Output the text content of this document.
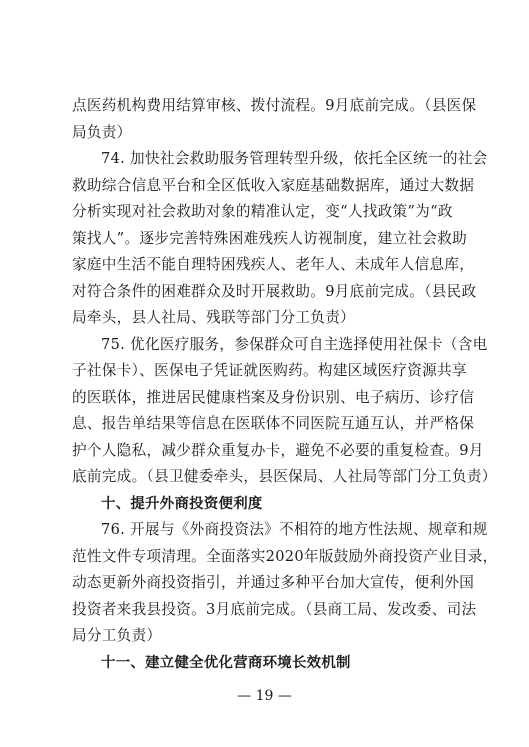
点医药机构费用结算审核、拨付流程。9月底前完成。（县医保
局负责）
74. 加快社会救助服务管理转型升级，依托全区统一的社会
救助综合信息平台和全区低收入家庭基础数据库，通过大数据
分析实现对社会救助对象的精准认定，变“人找政策”为“政
策找人”。逐步完善特殊困难残疾人访视制度，建立社会救助
家庭中生活不能自理特困残疾人、老年人、未成年人信息库，
对符合条件的困难群众及时开展救助。9月底前完成。（县民政
局牵头，县人社局、残联等部门分工负责）
75. 优化医疗服务，参保群众可自主选择使用社保卡（含电
子社保卡）、医保电子凭证就医购药。构建区域医疗资源共享
的医联体，推进居民健康档案及身份识别、电子病历、诊疗信
息、报告单结果等信息在医联体不同医院互通互认，并严格保
护个人隐私，减少群众重复办卡，避免不必要的重复检查。9月
底前完成。（县卫健委牵头，县医保局、人社局等部门分工负责）
十、提升外商投资便利度
76. 开展与《外商投资法》不相符的地方性法规、规章和规
范性文件专项清理。全面落实2020年版鼓励外商投资产业目录，
动态更新外商投资指引，并通过多种平台加大宣传，便利外国
投资者来我县投资。3月底前完成。（县商工局、发改委、司法
局分工负责）
十一、建立健全优化营商环境长效机制
— 19 —
